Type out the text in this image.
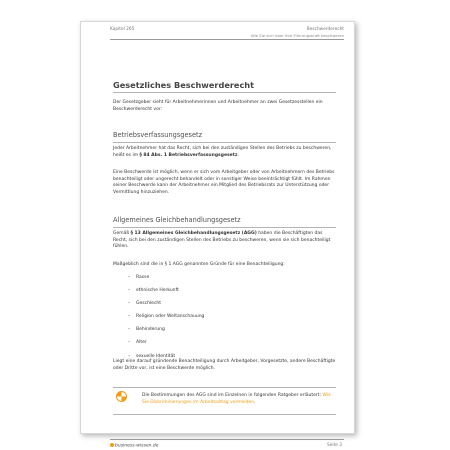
Kapitel 265	Beschwerderecht
Wie Sie sich über Ihre Führungskraft beschweren
Gesetzliches Beschwerderecht
Der Gesetzgeber sieht für Arbeitnehmerinnen und Arbeitnehmer an zwei Gesetzesstellen ein Beschwerderecht vor:
Betriebsverfassungsgesetz
Jeder Arbeitnehmer hat das Recht, sich bei den zuständigen Stellen des Betriebs zu beschweren, heißt es im § 84 Abs. 1 Betriebsverfassungsgesetz.
Eine Beschwerde ist möglich, wenn er sich vom Arbeitgeber oder von Arbeitnehmern des Betriebs benachteiligt oder ungerecht behandelt oder in sonstiger Weise beeinträchtigt fühlt. Im Rahmen seiner Beschwerde kann der Arbeitnehmer ein Mitglied des Betriebsrats zur Unterstützung oder Vermittlung hinzuziehen.
Allgemeines Gleichbehandlungsgesetz
Gemäß § 13 Allgemeines Gleichbehandlungsgesetz (AGG) haben die Beschäftigten das Recht, sich bei den zuständigen Stellen des Betriebs zu beschweren, wenn sie sich benachteiligt fühlen.
Maßgeblich sind die in § 1 AGG genannten Gründe für eine Benachteiligung:
– Rasse
– ethnische Herkunft
– Geschlecht
– Religion oder Weltanschauung
– Behinderung
– Alter
– sexuelle Identität
Liegt eine darauf gründende Benachteiligung durch Arbeitgeber, Vorgesetzte, andere Beschäftigte oder Dritte vor, ist eine Beschwerde möglich.
Die Bestimmungen des AGG sind im Einzelnen in folgenden Ratgeber erläutert: Wie Sie Diskriminierungen im Arbeitsalltag vermeiden.
business-wissen.de	Seite 3
